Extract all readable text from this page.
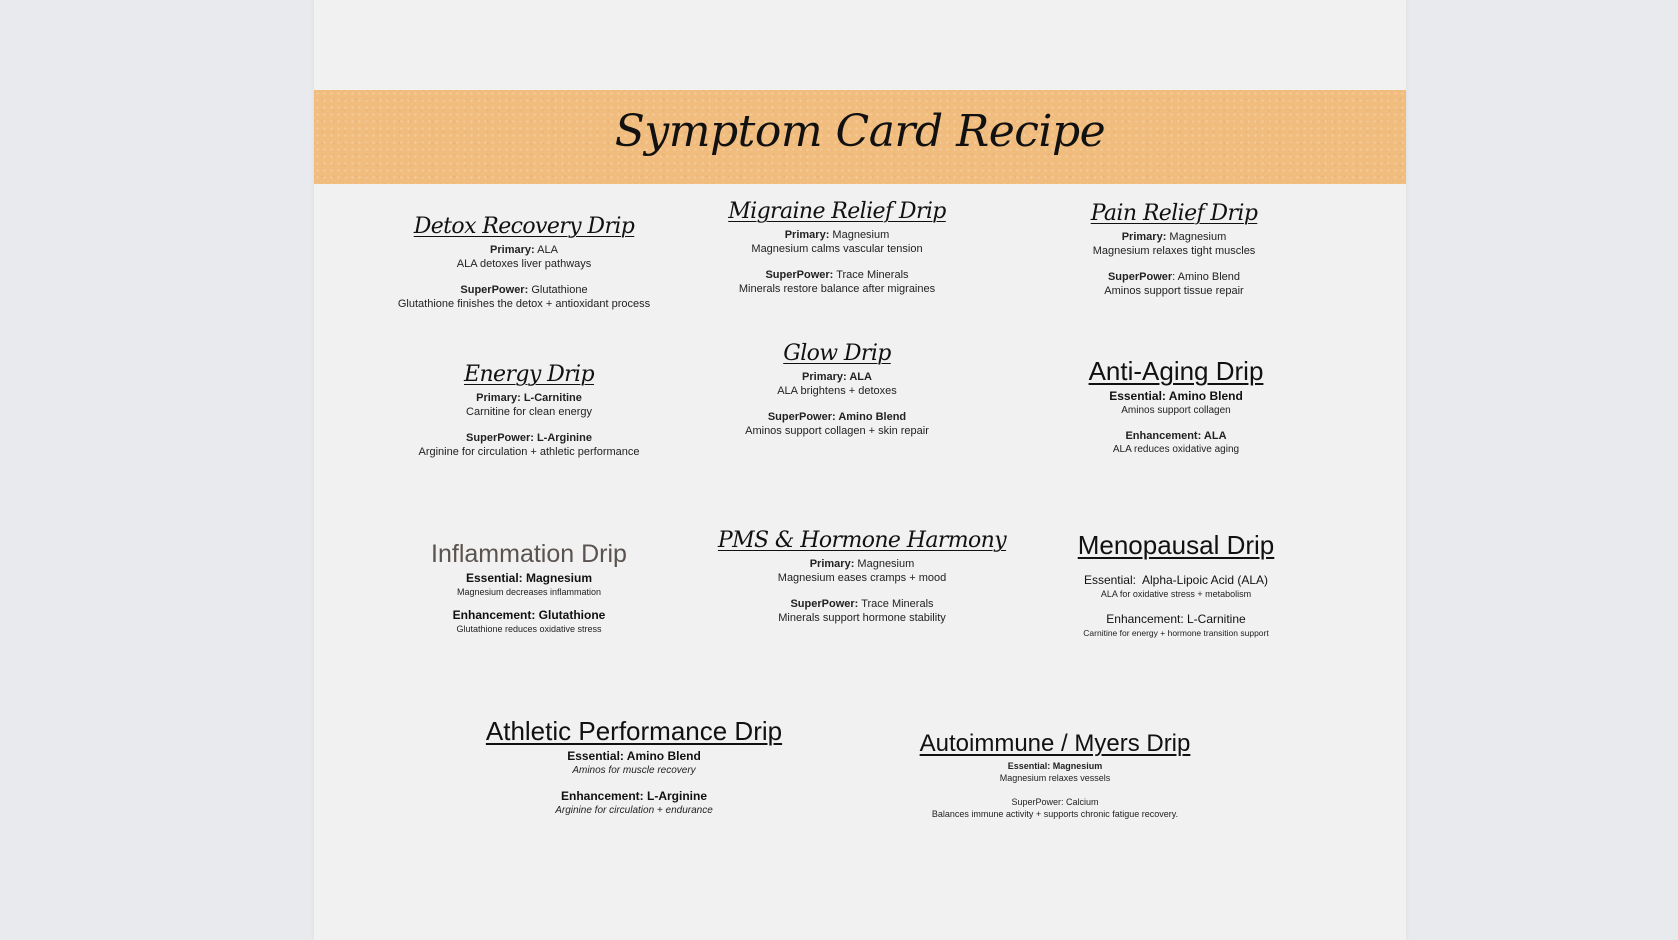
Symptom Card Recipe
Detox Recovery Drip
Primary: ALA
ALA detoxes liver pathways
SuperPower: Glutathione
Glutathione finishes the detox + antioxidant process
Migraine Relief Drip
Primary: Magnesium
Magnesium calms vascular tension
SuperPower: Trace Minerals
Minerals restore balance after migraines
Pain Relief Drip
Primary: Magnesium
Magnesium relaxes tight muscles
SuperPower: Amino Blend
Aminos support tissue repair
Energy Drip
Primary: L-Carnitine
Carnitine for clean energy
SuperPower: L-Arginine
Arginine for circulation + athletic performance
Glow Drip
Primary: ALA
ALA brightens + detoxes
SuperPower: Amino Blend
Aminos support collagen + skin repair
Anti-Aging Drip
Essential: Amino Blend
Aminos support collagen
Enhancement: ALA
ALA reduces oxidative aging
Inflammation Drip
Essential: Magnesium
Magnesium decreases inflammation
Enhancement: Glutathione
Glutathione reduces oxidative stress
PMS & Hormone Harmony
Primary: Magnesium
Magnesium eases cramps + mood
SuperPower: Trace Minerals
Minerals support hormone stability
Menopausal Drip
Essential:  Alpha-Lipoic Acid (ALA)
ALA for oxidative stress + metabolism
Enhancement: L-Carnitine
Carnitine for energy + hormone transition support
Athletic Performance Drip
Essential: Amino Blend
Aminos for muscle recovery
Enhancement: L-Arginine
Arginine for circulation + endurance
Autoimmune / Myers Drip
Essential: Magnesium
Magnesium relaxes vessels
SuperPower: Calcium
Balances immune activity + supports chronic fatigue recovery.
